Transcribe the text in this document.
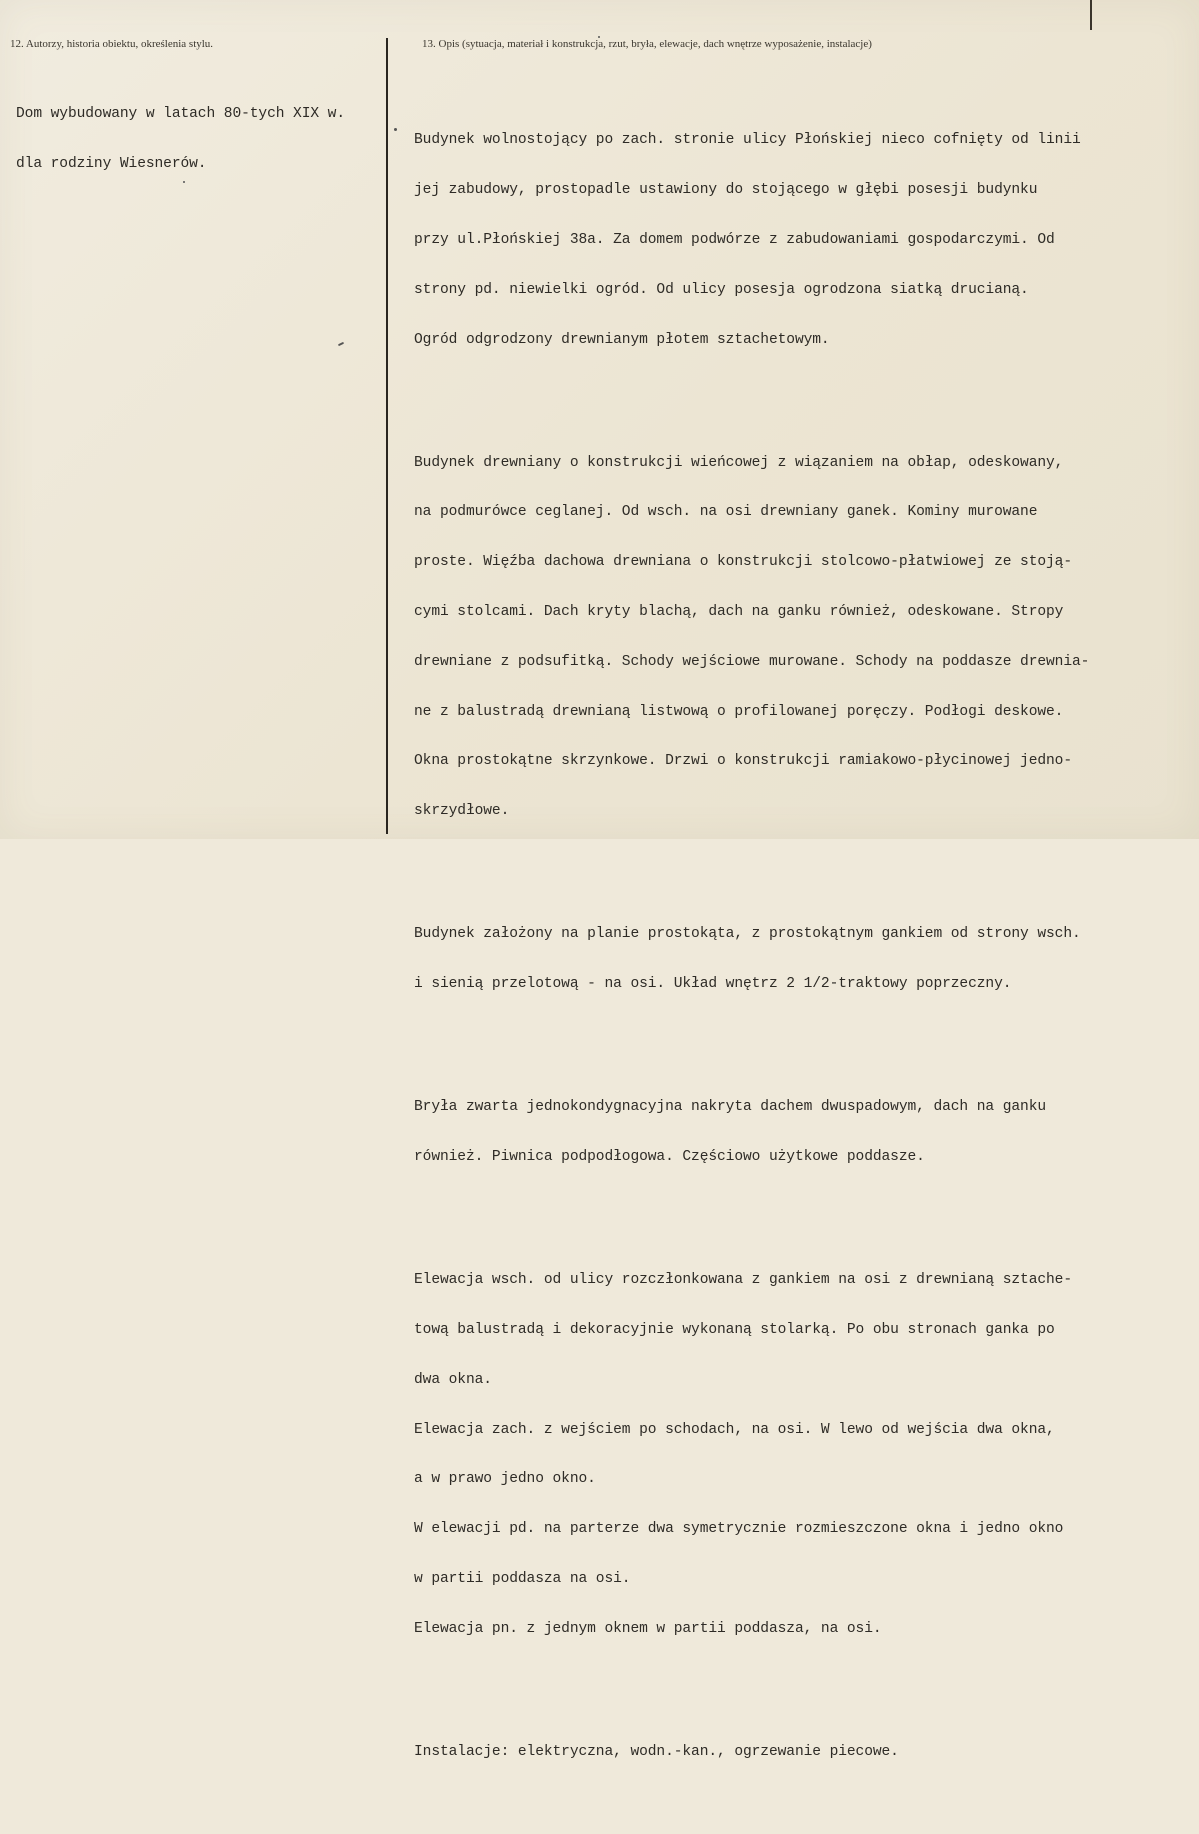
12. Autorzy, historia obiektu, określenia stylu.	13. Opis (sytuacja, materiał i konstrukcja, rzut, bryła, elewacje, dach wnętrze wyposażenie, instalacje)

Dom wybudowany w latach 80-tych XIX w.

dla rodziny Wiesnerów.

Budynek wolnostojący po zach. stronie ulicy Płońskiej nieco cofnięty od linii

jej zabudowy, prostopadle ustawiony do stojącego w głębi posesji budynku

przy ul.Płońskiej 38a. Za domem podwórze z zabudowaniami gospodarczymi. Od

strony pd. niewielki ogród. Od ulicy posesja ogrodzona siatką drucianą.

Ogród odgrodzony drewnianym płotem sztachetowym.

Budynek drewniany o konstrukcji wieńcowej z wiązaniem na obłap, odeskowany,

na podmurówce ceglanej. Od wsch. na osi drewniany ganek. Kominy murowane

proste. Więźba dachowa drewniana o konstrukcji stolcowo-płatwiowej ze stoją-

cymi stolcami. Dach kryty blachą, dach na ganku również, odeskowane. Stropy

drewniane z podsufitką. Schody wejściowe murowane. Schody na poddasze drewnia-

ne z balustradą drewnianą listwową o profilowanej poręczy. Podłogi deskowe.

Okna prostokątne skrzynkowe. Drzwi o konstrukcji ramiakowo-płycinowej jedno-

skrzydłowe.

Budynek założony na planie prostokąta, z prostokątnym gankiem od strony wsch.

i sienią przelotową - na osi. Układ wnętrz 2 1/2-traktowy poprzeczny.

Bryła zwarta jednokondygnacyjna nakryta dachem dwuspadowym, dach na ganku

również. Piwnica podpodłogowa. Częściowo użytkowe poddasze.

Elewacja wsch. od ulicy rozczłonkowana z gankiem na osi z drewnianą sztache-

tową balustradą i dekoracyjnie wykonaną stolarką. Po obu stronach ganka po

dwa okna.

Elewacja zach. z wejściem po schodach, na osi. W lewo od wejścia dwa okna,

a w prawo jedno okno.

W elewacji pd. na parterze dwa symetrycznie rozmieszczone okna i jedno okno

w partii poddasza na osi.

Elewacja pn. z jednym oknem w partii poddasza, na osi.

Instalacje: elektryczna, wodn.-kan., ogrzewanie piecowe.
